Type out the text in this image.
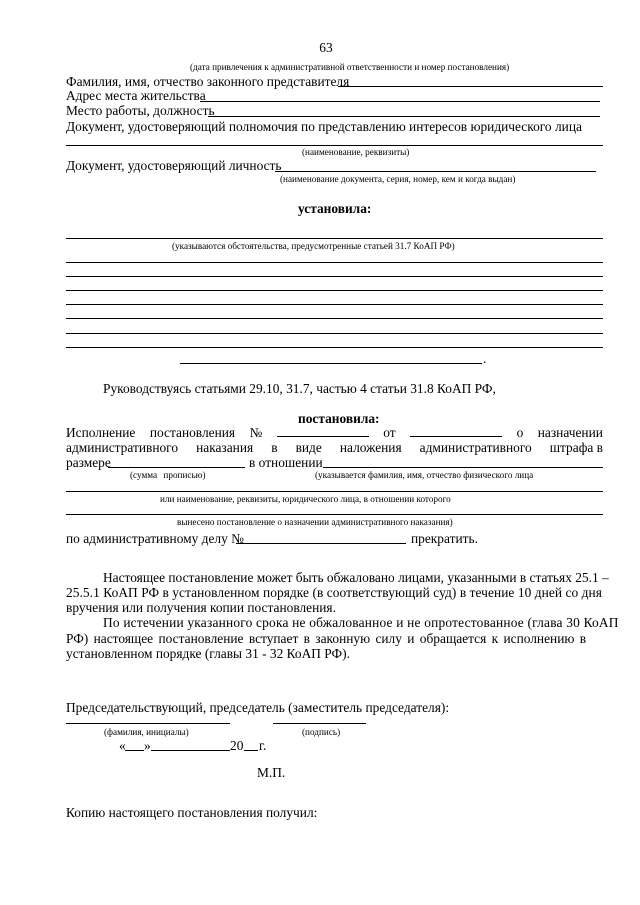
63
(дата привлечения к административной ответственности и номер постановления)
Фамилия, имя, отчество законного представителя
Адрес места жительства
Место работы, должность
Документ, удостоверяющий полномочия по представлению интересов юридического лица
(наименование, реквизиты)
Документ, удостоверяющий личность
(наименование документа, серия, номер, кем и когда выдан)
установила:
(указываются обстоятельства, предусмотренные статьей 31.7 КоАП РФ)
.
Руководствуясь статьями 29.10, 31.7, частью 4 статьи 31.8 КоАП РФ,
постановила:
Исполнение постановления №	от	о назначении
административного наказания в виде наложения административного штрафа в
размере	в отношении
(сумма прописью)	(указывается фамилия, имя, отчество физического лица
или наименование, реквизиты, юридического лица, в отношении которого
вынесено постановление о назначении административного наказания)
по административному делу №	прекратить.
Настоящее постановление может быть обжаловано лицами, указанными в статьях 25.1 –
25.5.1 КоАП РФ в установленном порядке (в соответствующий суд) в течение 10 дней со дня
вручения или получения копии постановления.
По истечении указанного срока не обжалованное и не опротестованное (глава 30 КоАП
РФ) настоящее постановление вступает в законную силу и обращается к исполнению в
установленном порядке (главы 31 - 32 КоАП РФ).
Председательствующий, председатель (заместитель председателя):
(фамилия, инициалы)	(подпись)
« »	20 г.
М.П.
Копию настоящего постановления получил:
